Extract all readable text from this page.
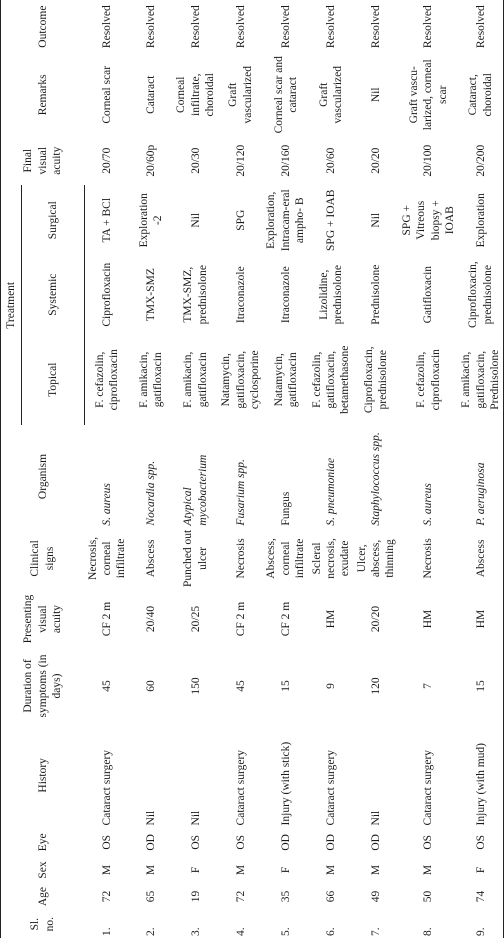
Sl. no.	Age	Sex	Eye	History	Duration of symptoms (in days)	Presenting visual acuity	Clinical signs	Organism	Treatment			Final visual acuity	Remarks	Outcome
									Topical	Systemic	Surgical			
1.	72	M	OS	Cataract surgery	45	CF 2 m	Necrosis, corneal infiltrate	S. aureus	F. cefazolin, ciprofloxacin	Ciprofloxacin	TA + BCl	20/70	Corneal scar	Resolved
2.	65	M	OD	Nil	60	20/40	Abscess	Nocardia spp.	F. amikacin, gatifloxacin	TMX-SMZ	Exploration -2	20/60p	Cataract	Resolved
3.	19	F	OS	Nil	150	20/25	Punched out ulcer	Atypical mycobacterium	F. amikacin, gatifloxacin	TMX-SMZ, prednisolone	Nil	20/30	Corneal infiltrate, choroidal	Resolved
4.	72	M	OS	Cataract surgery	45	CF 2 m	Necrosis	Fusarium spp.	Natamycin, gatifloxacin, cyclosporine	Itraconazole	SPG	20/120	Graft vascularized	Resolved
5.	35	F	OD	Injury (with stick)	15	CF 2 m	Abscess, corneal infiltrate	Fungus	Natamycin, gatifloxacin	Itraconazole	Exploration, Intracam-eral ampho- B	20/160	Corneal scar and cataract	Resolved
6.	66	M	OD	Cataract surgery	9	HM	Scleral necrosis, exudate	S. pneumoniae	F. cefazolin, gatifloxacin, betamethasone	Lizolidine, prednisolone	SPG + IOAB	20/60	Graft vascularized	Resolved
7.	49	M	OD	Nil	120	20/20	Ulcer, abscess, thinning	Staphylococcus spp.	Ciprofloxacin, prednisolone	Prednisolone	Nil	20/20	Nil	Resolved
8.	50	M	OS	Cataract surgery	7	HM	Necrosis	S. aureus	F. cefazolin, ciprofloxacin	Gatifloxacin	SPG + Vitreous biopsy + IOAB	20/100	Graft vascu-larized, corneal scar	Resolved
9.	74	F	OS	Injury (with mud)	15	HM	Abscess	P. aeruginosa	F. amikacin, gatifloxacin, Prednisolone	Ciprofloxacin, prednisolone	Exploration	20/200	Cataract, choroidal	Resolved
